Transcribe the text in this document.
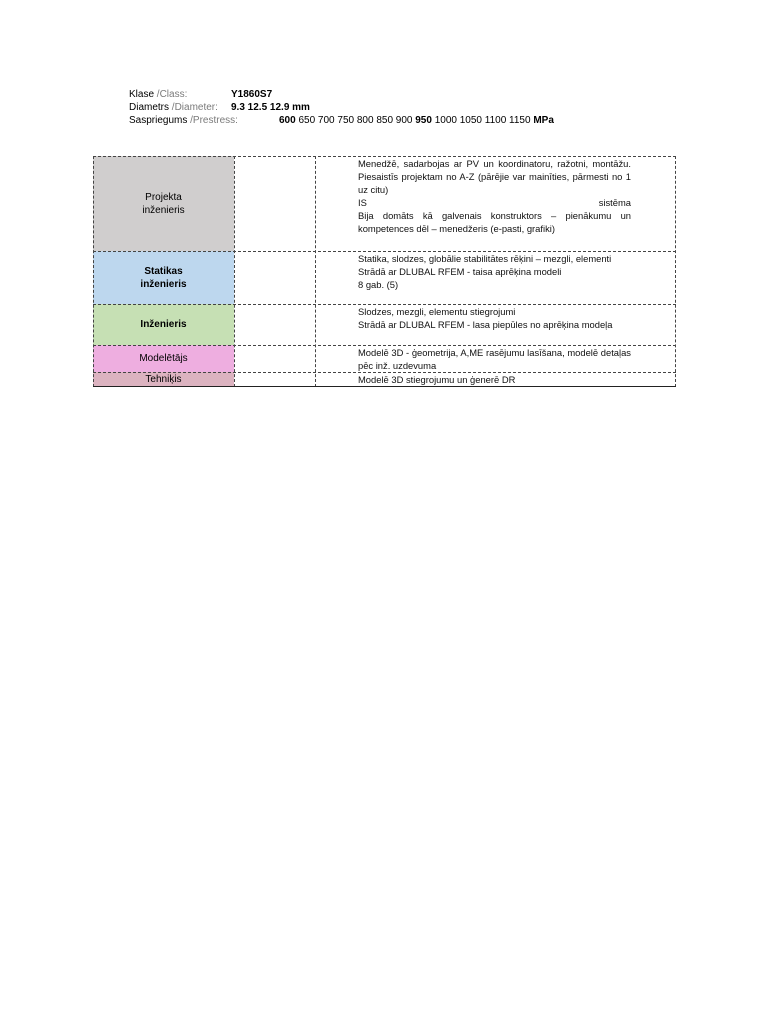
Klase /Class:	Y1860S7
Diametrs /Diameter: 9.3 12.5 12.9 mm
Saspriegums /Prestress:	600 650 700 750 800 850 900 950 1000 1050 1100 1150 MPa
Projekta
inženieris
Statikas
inženieris
Inženieris
Modelētājs
Tehniķis

Menedžē, sadarbojas ar PV un koordinatoru, ražotni, montāžu.

Piesaistīs projektam no A-Z (pārējie var mainīties, pārmesti no 1 uz citu)

IS sistēma

Bija domāts kā galvenais konstruktors – pienākumu un kompetences dēl – menedžeris (e-pasti, grafiki)

Statika, slodzes, globālie stabilitātes rēķini – mezgli, elementi

Strādā ar DLUBAL RFEM - taisa aprēķina modeli

8 gab. (5)

Slodzes, mezgli, elementu stiegrojumi

Strādā ar DLUBAL RFEM - lasa piepūles no aprēķina modeļa

Modelē 3D - ģeometrija, A,ME rasējumu lasīšana, modelē detaļas pēc inž. uzdevuma

Modelē 3D stiegrojumu un ģenerē DR
